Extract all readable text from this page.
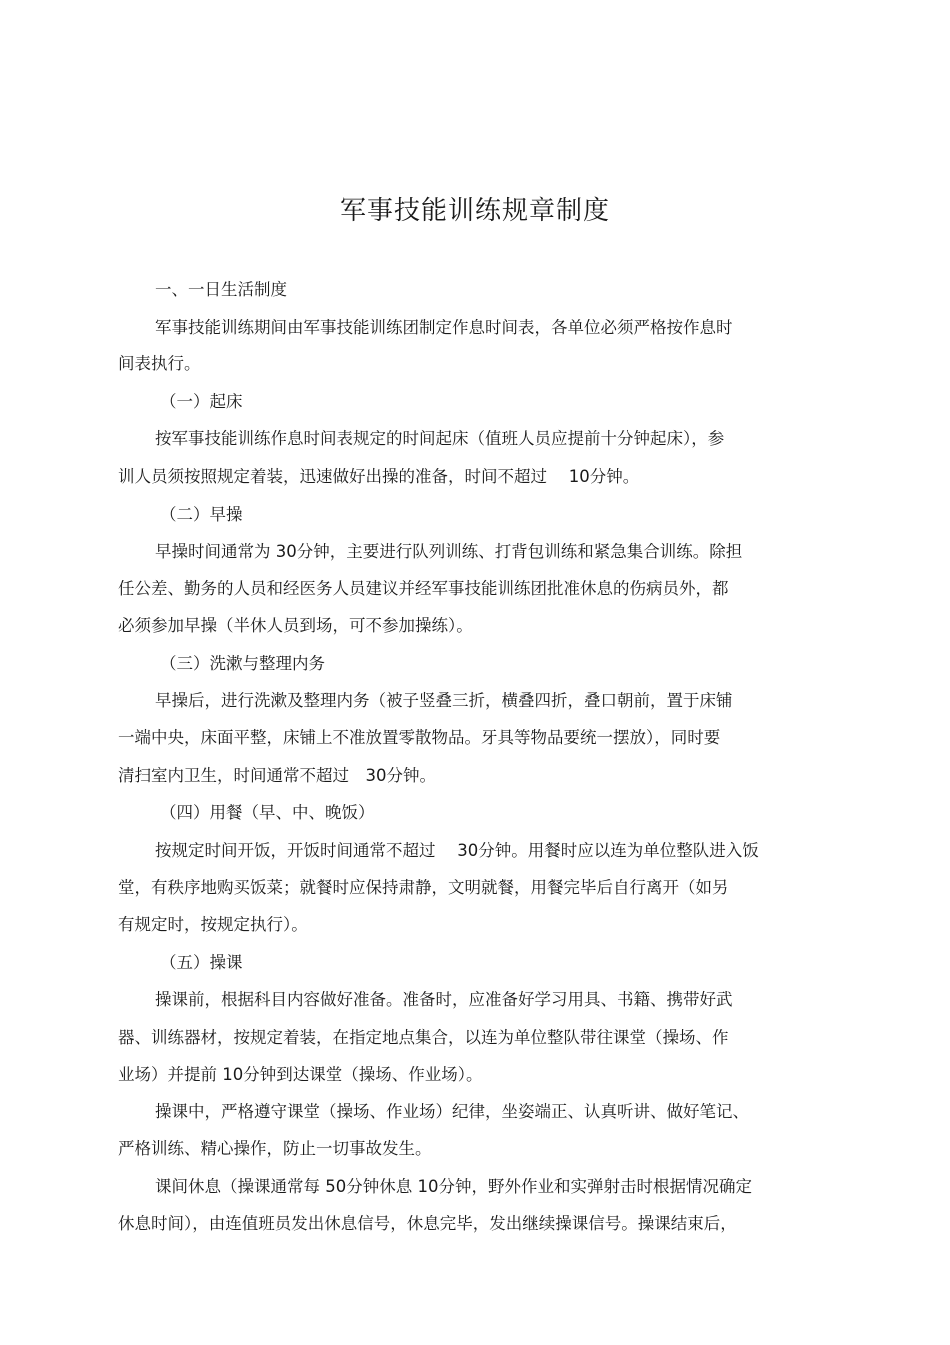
军事技能训练规章制度
一、一日生活制度
军事技能训练期间由军事技能训练团制定作息时间表，各单位必须严格按作息时
间表执行。
（一）起床
按军事技能训练作息时间表规定的时间起床（值班人员应提前十分钟起床），参
训人员须按照规定着装，迅速做好出操的准备，时间不超过　 10分钟。
（二）早操
早操时间通常为 30分钟，主要进行队列训练、打背包训练和紧急集合训练。除担
任公差、勤务的人员和经医务人员建议并经军事技能训练团批准休息的伤病员外，都
必须参加早操（半休人员到场，可不参加操练）。
（三）洗漱与整理内务
早操后，进行洗漱及整理内务（被子竖叠三折，横叠四折，叠口朝前，置于床铺
一端中央，床面平整，床铺上不准放置零散物品。牙具等物品要统一摆放），同时要
清扫室内卫生，时间通常不超过　30分钟。
（四）用餐（早、中、晚饭）
按规定时间开饭，开饭时间通常不超过　 30分钟。用餐时应以连为单位整队进入饭
堂，有秩序地购买饭菜；就餐时应保持肃静，文明就餐，用餐完毕后自行离开（如另
有规定时，按规定执行）。
（五）操课
操课前，根据科目内容做好准备。准备时，应准备好学习用具、书籍、携带好武
器、训练器材，按规定着装，在指定地点集合，以连为单位整队带往课堂（操场、作
业场）并提前 10分钟到达课堂（操场、作业场）。
操课中，严格遵守课堂（操场、作业场）纪律，坐姿端正、认真听讲、做好笔记、
严格训练、精心操作，防止一切事故发生。
课间休息（操课通常每 50分钟休息 10分钟，野外作业和实弹射击时根据情况确定
休息时间），由连值班员发出休息信号，休息完毕，发出继续操课信号。操课结束后，
